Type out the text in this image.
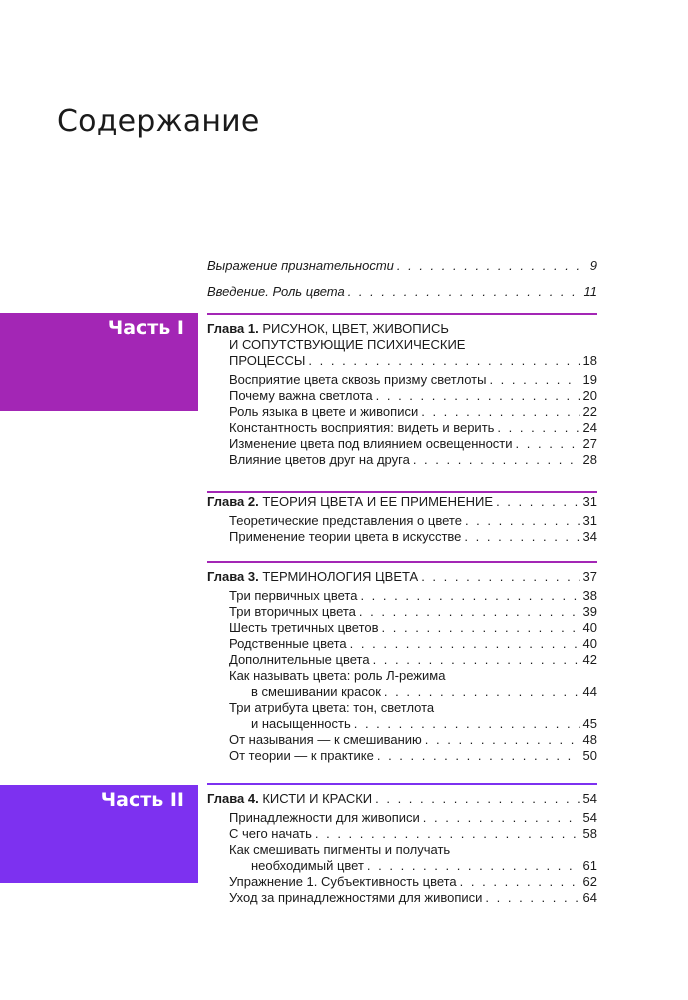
Содержание
Выражение признательности . . .	9
Введение. Роль цвета . . .	11
Часть I
Часть II
Глава 1. РИСУНОК, ЦВЕТ, ЖИВОПИСЬ
И СОПУТСТВУЮЩИЕ ПСИХИЧЕСКИЕ
ПРОЦЕССЫ . . .	18
Восприятие цвета сквозь призму светлоты . . .	19
Почему важна светлота . . .	20
Роль языка в цвете и живописи . . .	22
Константность восприятия: видеть и верить . . .	24
Изменение цвета под влиянием освещенности . . .	27
Влияние цветов друг на друга . . .	28
Глава 2. ТЕОРИЯ ЦВЕТА И ЕЕ ПРИМЕНЕНИЕ . . .	31
Теоретические представления о цвете . . .	31
Применение теории цвета в искусстве . . .	34
Глава 3. ТЕРМИНОЛОГИЯ ЦВЕТА . . .	37
Три первичных цвета . . .	38
Три вторичных цвета . . .	39
Шесть третичных цветов . . .	40
Родственные цвета . . .	40
Дополнительные цвета . . .	42
Как называть цвета: роль Л-режима
в смешивании красок . . .	44
Три атрибута цвета: тон, светлота
и насыщенность . . .	45
От называния — к смешиванию . . .	48
От теории — к практике . . .	50
Глава 4. КИСТИ И КРАСКИ . . .	54
Принадлежности для живописи . . .	54
С чего начать . . .	58
Как смешивать пигменты и получать
необходимый цвет . . .	61
Упражнение 1. Субъективность цвета . . .	62
Уход за принадлежностями для живописи . . .	64
